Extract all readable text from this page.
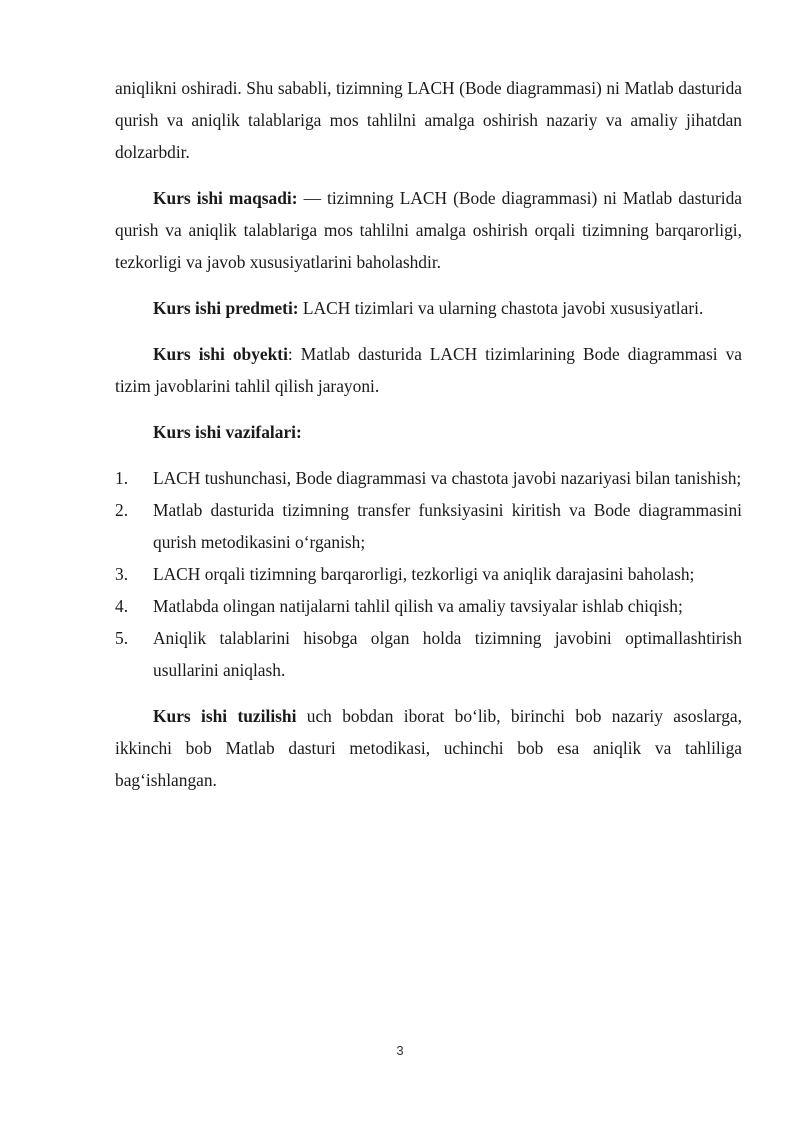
aniqlikni oshiradi. Shu sababli, tizimning LACH (Bode diagrammasi) ni Matlab dasturida qurish va aniqlik talablariga mos tahlilni amalga oshirish nazariy va amaliy jihatdan dolzarbdir.

Kurs ishi maqsadi: — tizimning LACH (Bode diagrammasi) ni Matlab dasturida qurish va aniqlik talablariga mos tahlilni amalga oshirish orqali tizimning barqarorligi, tezkorligi va javob xususiyatlarini baholashdir.

Kurs ishi predmeti: LACH tizimlari va ularning chastota javobi xususiyatlari.

Kurs ishi obyekti: Matlab dasturida LACH tizimlarining Bode diagrammasi va tizim javoblarini tahlil qilish jarayoni.

Kurs ishi vazifalari:

1. LACH tushunchasi, Bode diagrammasi va chastota javobi nazariyasi bilan tanishish;
2. Matlab dasturida tizimning transfer funksiyasini kiritish va Bode diagrammasini qurish metodikasini o‘rganish;
3. LACH orqali tizimning barqarorligi, tezkorligi va aniqlik darajasini baholash;
4. Matlabda olingan natijalarni tahlil qilish va amaliy tavsiyalar ishlab chiqish;
5. Aniqlik talablarini hisobga olgan holda tizimning javobini optimallashtirish usullarini aniqlash.

Kurs ishi tuzilishi uch bobdan iborat bo‘lib, birinchi bob nazariy asoslarga, ikkinchi bob Matlab dasturi metodikasi, uchinchi bob esa aniqlik va tahliliga bag‘ishlangan.

3
